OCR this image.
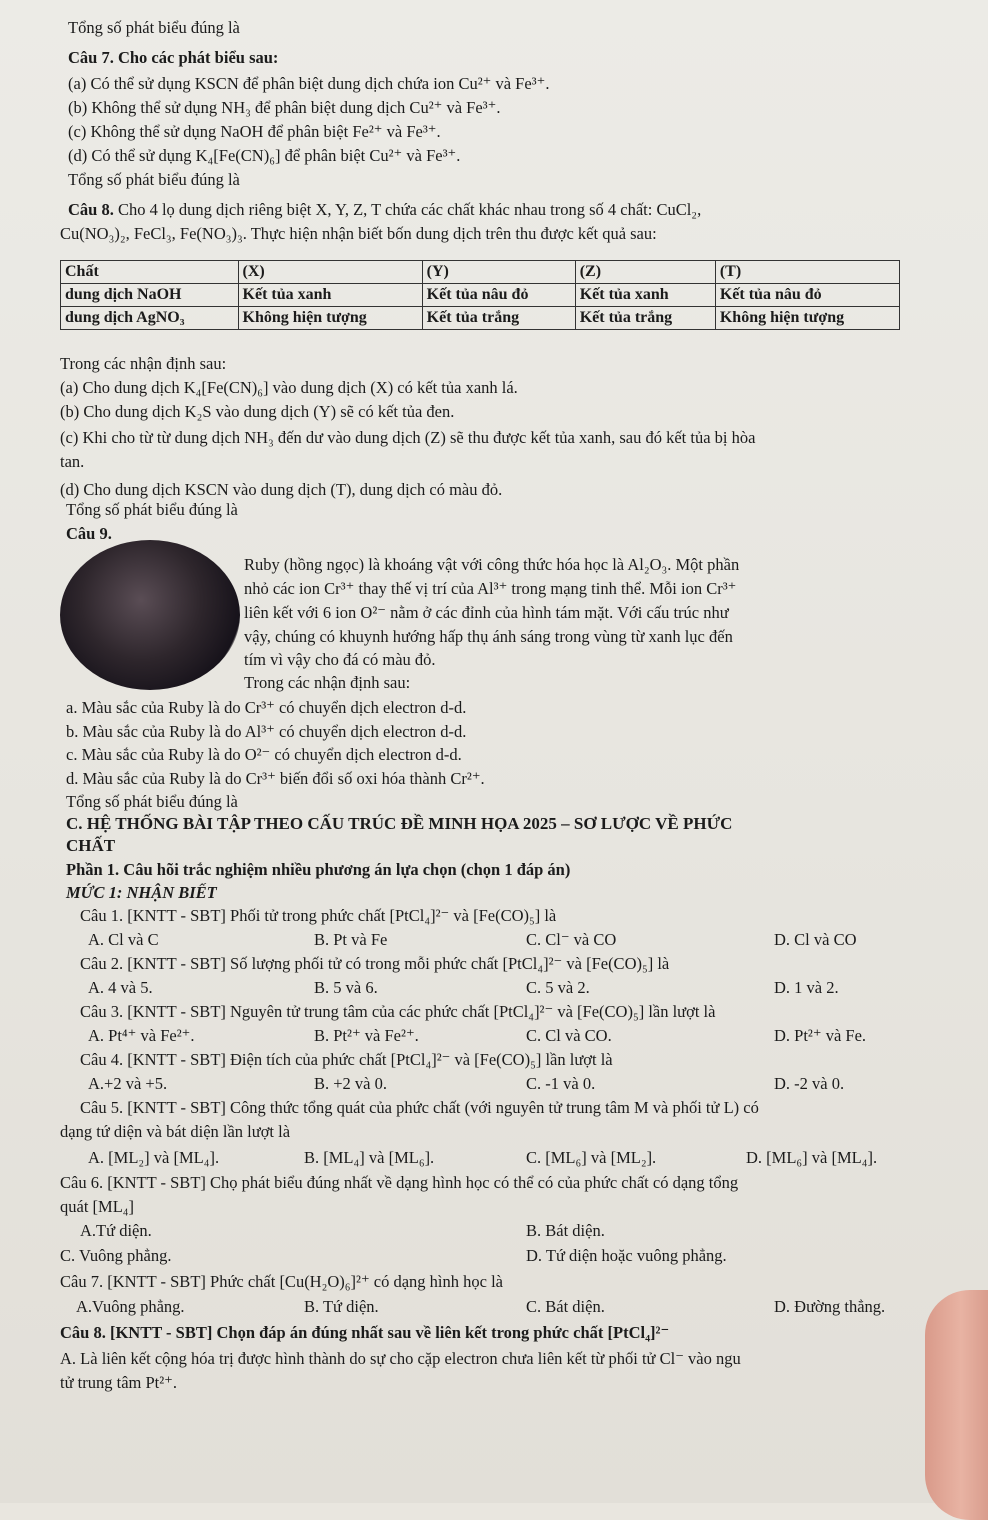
Tổng số phát biểu đúng là
Câu 7. Cho các phát biểu sau:
(a) Có thể sử dụng KSCN để phân biệt dung dịch chứa ion Cu²⁺ và Fe³⁺.
(b) Không thể sử dụng NH₃ để phân biệt dung dịch Cu²⁺ và Fe³⁺.
(c) Không thể sử dụng NaOH để phân biệt Fe²⁺ và Fe³⁺.
(d) Có thể sử dụng K₄[Fe(CN)₆] để phân biệt Cu²⁺ và Fe³⁺.
Tổng số phát biểu đúng là
Câu 8. Cho 4 lọ dung dịch riêng biệt X, Y, Z, T chứa các chất khác nhau trong số 4 chất: CuCl₂,
Cu(NO₃)₂, FeCl₃, Fe(NO₃)₃. Thực hiện nhận biết bốn dung dịch trên thu được kết quả sau:
Chất	(X)	(Y)	(Z)	(T)
dung dịch NaOH	Kết tủa xanh	Kết tủa nâu đỏ	Kết tủa xanh	Kết tủa nâu đỏ
dung dịch AgNO₃	Không hiện tượng	Kết tủa trắng	Kết tủa trắng	Không hiện tượng
Trong các nhận định sau:
(a) Cho dung dịch K₄[Fe(CN)₆] vào dung dịch (X) có kết tủa xanh lá.
(b) Cho dung dịch K₂S vào dung dịch (Y) sẽ có kết tủa đen.
(c) Khi cho từ từ dung dịch NH₃ đến dư vào dung dịch (Z) sẽ thu được kết tủa xanh, sau đó kết tủa bị hòa
tan.
(d) Cho dung dịch KSCN vào dung dịch (T), dung dịch có màu đỏ.
Tổng số phát biểu đúng là
Câu 9.
Ruby (hồng ngọc) là khoáng vật với công thức hóa học là Al₂O₃. Một phần
nhỏ các ion Cr³⁺ thay thế vị trí của Al³⁺ trong mạng tinh thể. Mỗi ion Cr³⁺
liên kết với 6 ion O²⁻ nằm ở các đỉnh của hình tám mặt. Với cấu trúc như
vậy, chúng có khuynh hướng hấp thụ ánh sáng trong vùng từ xanh lục đến
tím vì vậy cho đá có màu đỏ.
Trong các nhận định sau:
a. Màu sắc của Ruby là do Cr³⁺ có chuyển dịch electron d-d.
b. Màu sắc của Ruby là do Al³⁺ có chuyển dịch electron d-d.
c. Màu sắc của Ruby là do O²⁻ có chuyển dịch electron d-d.
d. Màu sắc của Ruby là do Cr³⁺ biến đổi số oxi hóa thành Cr²⁺.
Tổng số phát biểu đúng là
C. HỆ THỐNG BÀI TẬP THEO CẤU TRÚC ĐỀ MINH HỌA 2025 – SƠ LƯỢC VỀ PHỨC
CHẤT
Phần 1. Câu hõi trắc nghiệm nhiều phương án lựa chọn (chọn 1 đáp án)
MỨC 1: NHẬN BIẾT
Câu 1. [KNTT - SBT] Phối tử trong phức chất [PtCl₄]²⁻ và [Fe(CO)₅] là
A. Cl và C	B. Pt và Fe	C. Cl⁻ và CO	D. Cl và CO
Câu 2. [KNTT - SBT] Số lượng phối tử có trong mỗi phức chất [PtCl₄]²⁻ và [Fe(CO)₅] là
A. 4 và 5.	B. 5 và 6.	C. 5 và 2.	D. 1 và 2.
Câu 3. [KNTT - SBT] Nguyên tử trung tâm của các phức chất [PtCl₄]²⁻ và [Fe(CO)₅] lần lượt là
A. Pt⁴⁺ và Fe²⁺.	B. Pt²⁺ và Fe²⁺.	C. Cl và CO.	D. Pt²⁺ và Fe.
Câu 4. [KNTT - SBT] Điện tích của phức chất [PtCl₄]²⁻ và [Fe(CO)₅] lần lượt là
A.+2 và +5.	B. +2 và 0.	C. -1 và 0.	D. -2 và 0.
Câu 5. [KNTT - SBT] Công thức tổng quát của phức chất (với nguyên tử trung tâm M và phối tử L) có
dạng tứ diện và bát diện lần lượt là
A. [ML₂] và [ML₄].	B. [ML₄] và [ML₆].	C. [ML₆] và [ML₂].	D. [ML₆] và [ML₄].
Câu 6. [KNTT - SBT] Chọ phát biểu đúng nhất về dạng hình học có thể có của phức chất có dạng tổng
quát [ML₄]
A.Tứ diện.	B. Bát diện.
C. Vuông phẳng.	D. Tứ diện hoặc vuông phẳng.
Câu 7. [KNTT - SBT] Phức chất [Cu(H₂O)₆]²⁺ có dạng hình học là
A.Vuông phẳng.	B. Tứ diện.	C. Bát diện.	D. Đường thẳng.
Câu 8. [KNTT - SBT] Chọn đáp án đúng nhất sau về liên kết trong phức chất [PtCl₄]²⁻
A. Là liên kết cộng hóa trị được hình thành do sự cho cặp electron chưa liên kết từ phối tử Cl⁻ vào ngu
tử trung tâm Pt²⁺.
